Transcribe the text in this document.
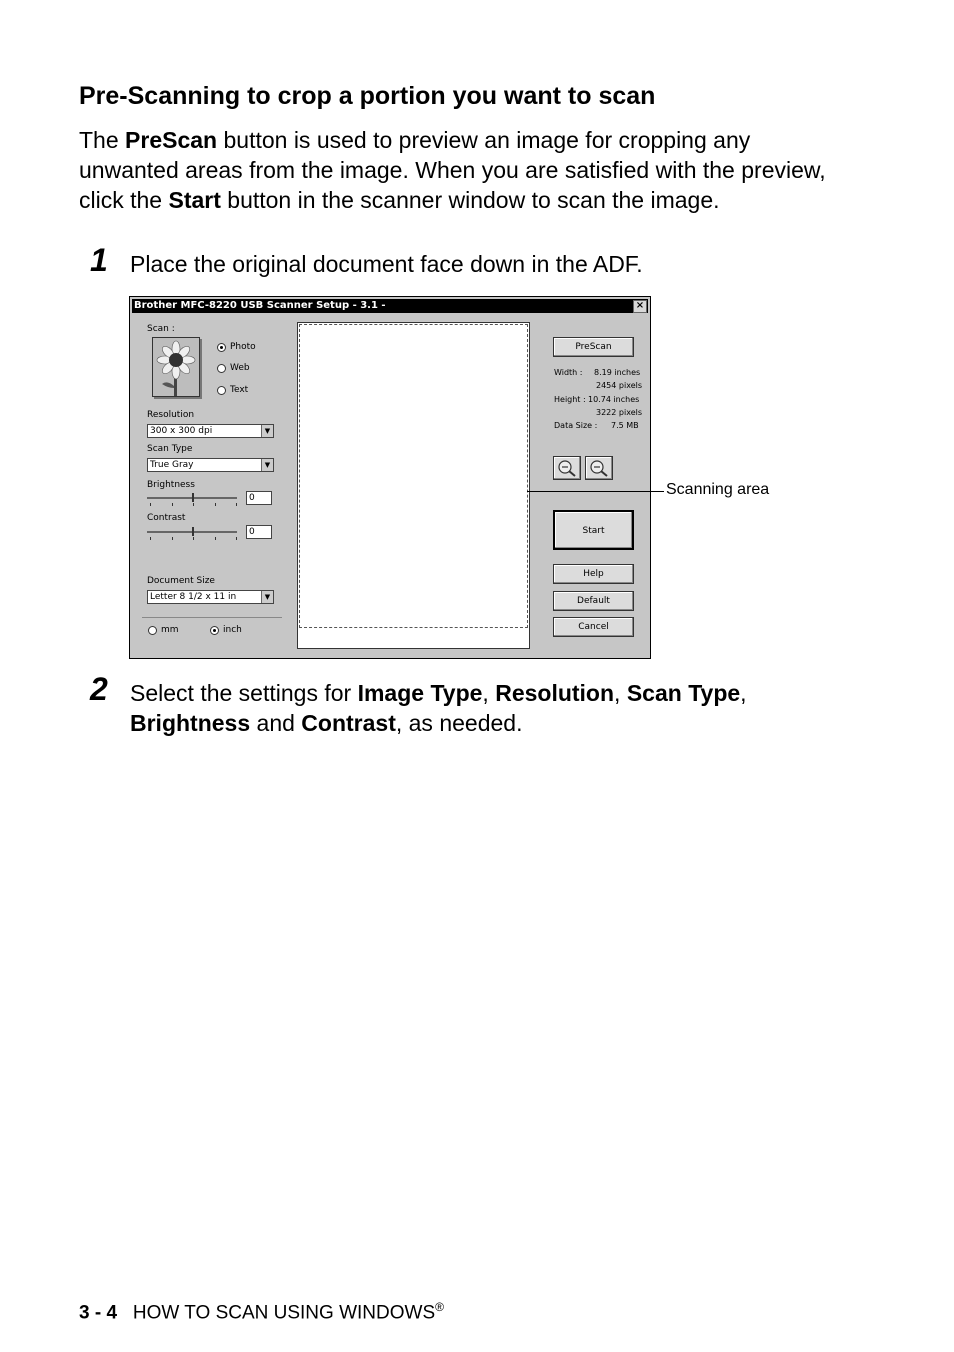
Pre-Scanning to crop a portion you want to scan

The PreScan button is used to preview an image for cropping any unwanted areas from the image. When you are satisfied with the preview, click the Start button in the scanner window to scan the image.

1 Place the original document face down in the ADF.

Brother MFC-8220 USB Scanner Setup - 3.1 -	×
Scan :
Photo
Web
Text
Resolution
300 x 300 dpi	▼
Scan Type
True Gray	▼
Brightness
0
Contrast
0
Document Size
Letter 8 1/2 x 11 in	▼
mm	inch
PreScan
Width : 8.19 inches
2454 pixels
Height : 10.74 inches
3222 pixels
Data Size : 7.5 MB
Start
Help
Default
Cancel
Scanning area
2 Select the settings for Image Type, Resolution, Scan Type,
Brightness and Contrast, as needed.

3 - 4 HOW TO SCAN USING WINDOWS®
